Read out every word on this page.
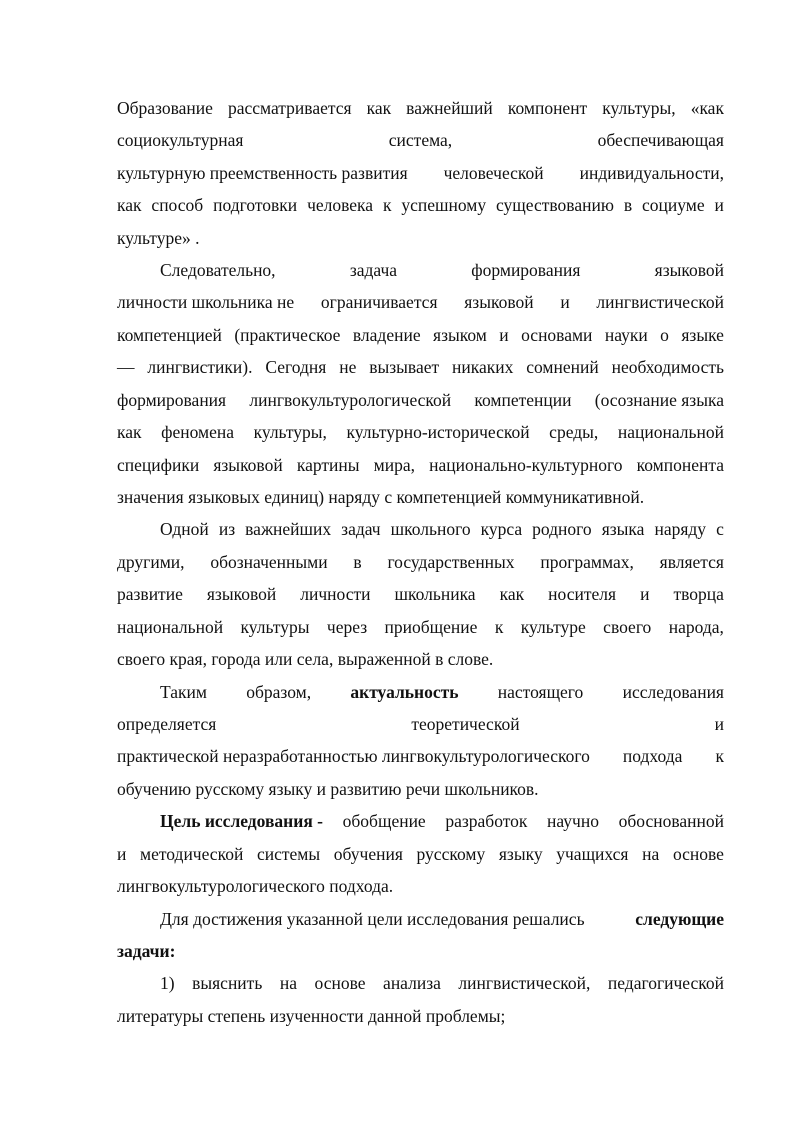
Образование рассматривается как важнейший компонент культуры, «как
социокультурная	система,	обеспечивающая
культурную преемственность развития человеческой индивидуальности,
как способ подготовки человека к успешному существованию в социуме и
культуре» .
Следовательно,	задача	формирования	языковой
личности школьника не ограничивается языковой и лингвистической
компетенцией (практическое владение языком и основами науки о языке
— лингвистики). Сегодня не вызывает никаких сомнений необходимость
формирования лингвокультурологической компетенции (осознание языка
как феномена культуры, культурно-исторической среды, национальной
специфики языковой картины мира, национально-культурного компонента
значения языковых единиц) наряду с компетенцией коммуникативной.
Одной из важнейших задач школьного курса родного языка наряду с
другими, обозначенными в государственных программах, является
развитие языковой личности школьника как носителя и творца
национальной культуры через приобщение к культуре своего народа,
своего края, города или села, выраженной в слове.
Таким образом, актуальность настоящего исследования
определяется	теоретической	и
практической неразработанностью лингвокультурологического подхода к
обучению русскому языку и развитию речи школьников.
Цель исследования - обобщение разработок научно обоснованной
и методической системы обучения русскому языку учащихся на основе
лингвокультурологического подхода.
Для достижения указанной цели исследования решались	следующие
задачи:
1) выяснить на основе анализа лингвистической, педагогической
литературы степень изученности данной проблемы;
